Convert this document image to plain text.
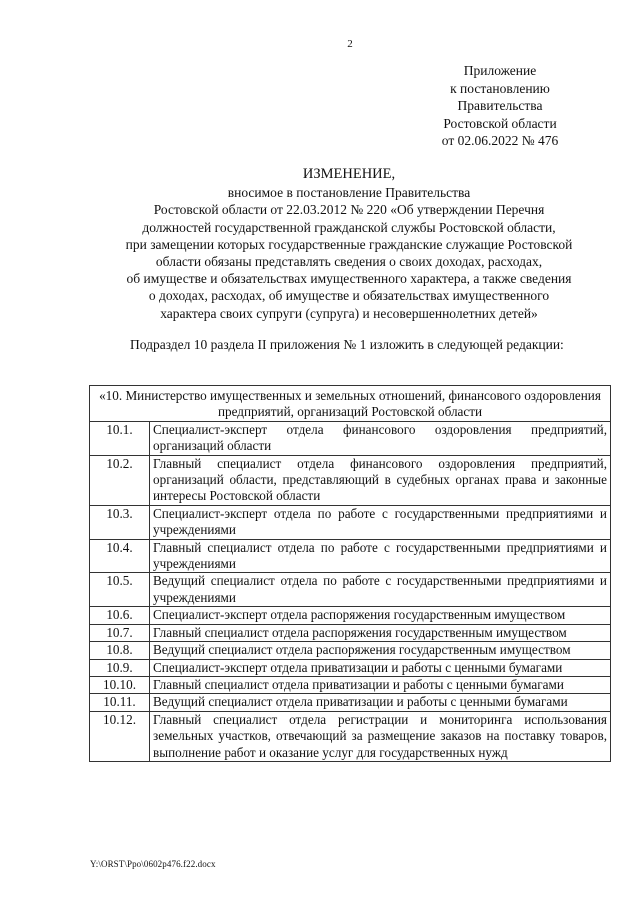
2
Приложение
к постановлению
Правительства
Ростовской области
от 02.06.2022 № 476
ИЗМЕНЕНИЕ,
вносимое в постановление Правительства
Ростовской области от 22.03.2012 № 220 «Об утверждении Перечня
должностей государственной гражданской службы Ростовской области,
при замещении которых государственные гражданские служащие Ростовской
области обязаны представлять сведения о своих доходах, расходах,
об имуществе и обязательствах имущественного характера, а также сведения
о доходах, расходах, об имуществе и обязательствах имущественного
характера своих супруги (супруга) и несовершеннолетних детей»
Подраздел 10 раздела II приложения № 1 изложить в следующей редакции:
«10. Министерство имущественных и земельных отношений, финансового оздоровления предприятий, организаций Ростовской области	
10.1.	Специалист-эксперт отдела финансового оздоровления предприятий, организаций области
10.2.	Главный специалист отдела финансового оздоровления предприятий, организаций области, представляющий в судебных органах права и законные интересы Ростовской области
10.3.	Специалист-эксперт отдела по работе с государственными предприятиями и учреждениями
10.4.	Главный специалист отдела по работе с государственными предприятиями и учреждениями
10.5.	Ведущий специалист отдела по работе с государственными предприятиями и учреждениями
10.6.	Специалист-эксперт отдела распоряжения государственным имуществом
10.7.	Главный специалист отдела распоряжения государственным имуществом
10.8.	Ведущий специалист отдела распоряжения государственным имуществом
10.9.	Специалист-эксперт отдела приватизации и работы с ценными бумагами
10.10.	Главный специалист отдела приватизации и работы с ценными бумагами
10.11.	Ведущий специалист отдела приватизации и работы с ценными бумагами
10.12.	Главный специалист отдела регистрации и мониторинга использования земельных участков, отвечающий за размещение заказов на поставку товаров, выполнение работ и оказание услуг для государственных нужд
Y:\ORST\Ppo\0602p476.f22.docx
